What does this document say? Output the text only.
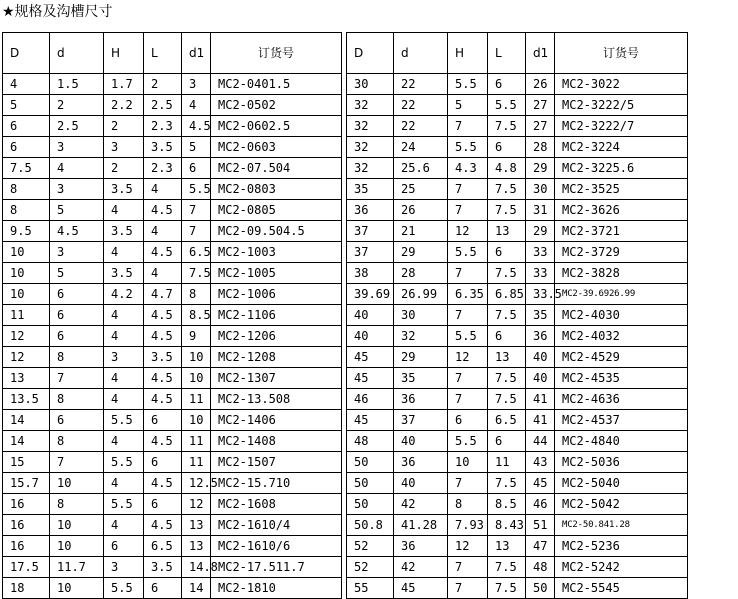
★规格及沟槽尺寸
D	d	H	L	d1	订货号
4	1.5	1.7	2	3	MC2-0401.5
5	2	2.2	2.5	4	MC2-0502
6	2.5	2	2.3	4.5	MC2-0602.5
6	3	3	3.5	5	MC2-0603
7.5	4	2	2.3	6	MC2-07.504
8	3	3.5	4	5.5	MC2-0803
8	5	4	4.5	7	MC2-0805
9.5	4.5	3.5	4	7	MC2-09.504.5
10	3	4	4.5	6.5	MC2-1003
10	5	3.5	4	7.5	MC2-1005
10	6	4.2	4.7	8	MC2-1006
11	6	4	4.5	8.5	MC2-1106
12	6	4	4.5	9	MC2-1206
12	8	3	3.5	10	MC2-1208
13	7	4	4.5	10	MC2-1307
13.5	8	4	4.5	11	MC2-13.508
14	6	5.5	6	10	MC2-1406
14	8	4	4.5	11	MC2-1408
15	7	5.5	6	11	MC2-1507
15.7	10	4	4.5	12.5	MC2-15.710
16	8	5.5	6	12	MC2-1608
16	10	4	4.5	13	MC2-1610/4
16	10	6	6.5	13	MC2-1610/6
17.5	11.7	3	3.5	14.8	MC2-17.511.7
18	10	5.5	6	14	MC2-1810
D	d	H	L	d1	订货号
30	22	5.5	6	26	MC2-3022
32	22	5	5.5	27	MC2-3222/5
32	22	7	7.5	27	MC2-3222/7
32	24	5.5	6	28	MC2-3224
32	25.6	4.3	4.8	29	MC2-3225.6
35	25	7	7.5	30	MC2-3525
36	26	7	7.5	31	MC2-3626
37	21	12	13	29	MC2-3721
37	29	5.5	6	33	MC2-3729
38	28	7	7.5	33	MC2-3828
39.69	26.99	6.35	6.85	33.5	MC2-39.6926.99
40	30	7	7.5	35	MC2-4030
40	32	5.5	6	36	MC2-4032
45	29	12	13	40	MC2-4529
45	35	7	7.5	40	MC2-4535
46	36	7	7.5	41	MC2-4636
45	37	6	6.5	41	MC2-4537
48	40	5.5	6	44	MC2-4840
50	36	10	11	43	MC2-5036
50	40	7	7.5	45	MC2-5040
50	42	8	8.5	46	MC2-5042
50.8	41.28	7.93	8.43	51	MC2-50.841.28
52	36	12	13	47	MC2-5236
52	42	7	7.5	48	MC2-5242
55	45	7	7.5	50	MC2-5545
